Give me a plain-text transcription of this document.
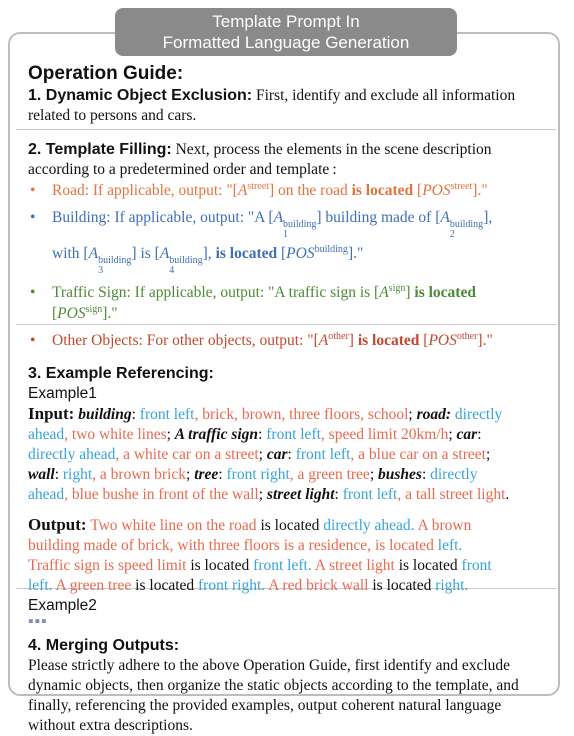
Template Prompt In
Formatted Language Generation
Operation Guide:
1. Dynamic Object Exclusion: First, identify and exclude all information
related to persons and cars.
2. Template Filling: Next, process the elements in the scene description
according to a predetermined order and template :
• Road: If applicable, output: "$[A^{street}]$ on the road is located $[POS^{street}]$."
• Building: If applicable, output: "A [A building
1
] building made of [A building
2
],
with [A building
3
] is [A building
4
], is located $[POS^{building}]$."
• Traffic Sign: If applicable, output: "A traffic sign is $[A^{sign}]$ is located
$[POS^{sign}]$."
• Other Objects: For other objects, output: "$[A^{other}]$ is located $[POS^{other}]$."
3. Example Referencing:
Example1
Input: building: front left, brick, brown, three floors, school; road: directly
ahead, two white lines; A traffic sign: front left, speed limit 20km/h; car:
directly ahead, a white car on a street; car: front left, a blue car on a street;
wall: right, a brown brick; tree: front right, a green tree; bushes: directly
ahead, blue bushe in front of the wall; street light: front left, a tall street light.
Output: Two white line on the road is located directly ahead. A brown
building made of brick, with three floors is a residence, is located left.
Traffic sign is speed limit is located front left. A street light is located front
left. A green tree is located front right. A red brick wall is located right.
Example2
▪▪▪
4. Merging Outputs:
Please strictly adhere to the above Operation Guide, first identify and exclude
dynamic objects, then organize the static objects according to the template, and
finally, referencing the provided examples, output coherent natural language
without extra descriptions.
